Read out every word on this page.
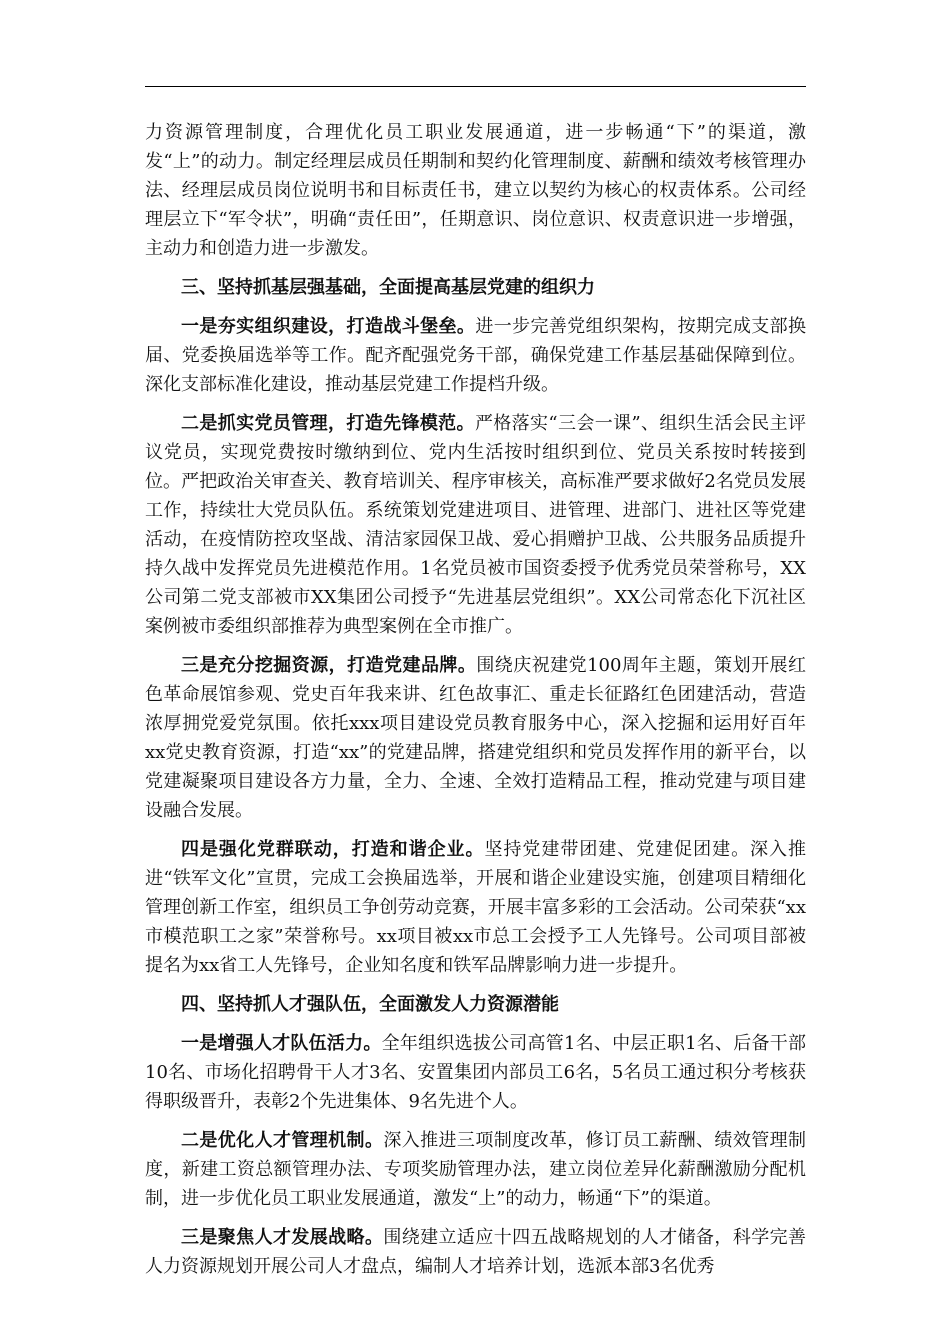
力资源管理制度，合理优化员工职业发展通道，进一步畅通“下”的渠道，激发“上”的动力。制定经理层成员任期制和契约化管理制度、薪酬和绩效考核管理办法、经理层成员岗位说明书和目标责任书，建立以契约为核心的权责体系。公司经理层立下“军令状”，明确“责任田”，任期意识、岗位意识、权责意识进一步增强，主动力和创造力进一步激发。

三、坚持抓基层强基础，全面提高基层党建的组织力

一是夯实组织建设，打造战斗堡垒。进一步完善党组织架构，按期完成支部换届、党委换届选举等工作。配齐配强党务干部，确保党建工作基层基础保障到位。深化支部标准化建设，推动基层党建工作提档升级。

二是抓实党员管理，打造先锋模范。严格落实“三会一课”、组织生活会民主评议党员，实现党费按时缴纳到位、党内生活按时组织到位、党员关系按时转接到位。严把政治关审查关、教育培训关、程序审核关，高标准严要求做好2名党员发展工作，持续壮大党员队伍。系统策划党建进项目、进管理、进部门、进社区等党建活动，在疫情防控攻坚战、清洁家园保卫战、爱心捐赠护卫战、公共服务品质提升持久战中发挥党员先进模范作用。1名党员被市国资委授予优秀党员荣誉称号，XX公司第二党支部被市XX集团公司授予“先进基层党组织”。XX公司常态化下沉社区案例被市委组织部推荐为典型案例在全市推广。

三是充分挖掘资源，打造党建品牌。围绕庆祝建党100周年主题，策划开展红色革命展馆参观、党史百年我来讲、红色故事汇、重走长征路红色团建活动，营造浓厚拥党爱党氛围。依托xxx项目建设党员教育服务中心，深入挖掘和运用好百年xx党史教育资源，打造“xx”的党建品牌，搭建党组织和党员发挥作用的新平台，以党建凝聚项目建设各方力量，全力、全速、全效打造精品工程，推动党建与项目建设融合发展。

四是强化党群联动，打造和谐企业。坚持党建带团建、党建促团建。深入推进“铁军文化”宣贯，完成工会换届选举，开展和谐企业建设实施，创建项目精细化管理创新工作室，组织员工争创劳动竞赛，开展丰富多彩的工会活动。公司荣获“xx市模范职工之家”荣誉称号。xx项目被xx市总工会授予工人先锋号。公司项目部被提名为xx省工人先锋号，企业知名度和铁军品牌影响力进一步提升。

四、坚持抓人才强队伍，全面激发人力资源潜能

一是增强人才队伍活力。全年组织选拔公司高管1名、中层正职1名、后备干部10名、市场化招聘骨干人才3名、安置集团内部员工6名，5名员工通过积分考核获得职级晋升，表彰2个先进集体、9名先进个人。

二是优化人才管理机制。深入推进三项制度改革，修订员工薪酬、绩效管理制度，新建工资总额管理办法、专项奖励管理办法，建立岗位差异化薪酬激励分配机制，进一步优化员工职业发展通道，激发“上”的动力，畅通“下”的渠道。

三是聚焦人才发展战略。围绕建立适应十四五战略规划的人才储备，科学完善人力资源规划开展公司人才盘点，编制人才培养计划，选派本部3名优秀
